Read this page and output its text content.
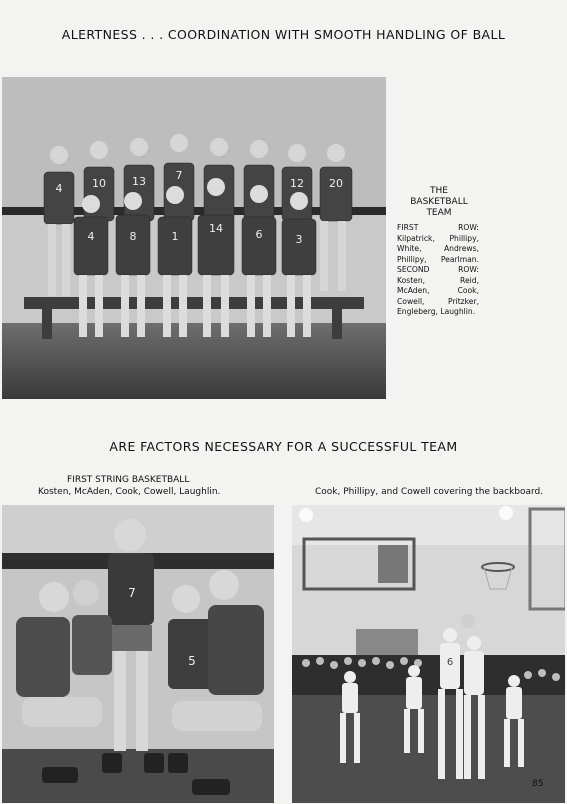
ALERTNESS . . . COORDINATION WITH SMOOTH HANDLING OF BALL
4	10 13	7
12 20
4	8	1
14	6	3
THE
BASKETBALL
TEAM
FIRST ROW: Kilpatrick, Phillipy, White, Andrews, Phillipy, Pearlman. SECOND ROW: Kosten, Reid, McAden, Cook, Cowell, Pritzker, Engleberg, Laughlin.
ARE FACTORS NECESSARY FOR A SUCCESSFUL TEAM
FIRST STRING BASKETBALL
Kosten, McAden, Cook, Cowell, Laughlin.	Cook, Phillipy, and Cowell covering the backboard.
7
5	6
85
